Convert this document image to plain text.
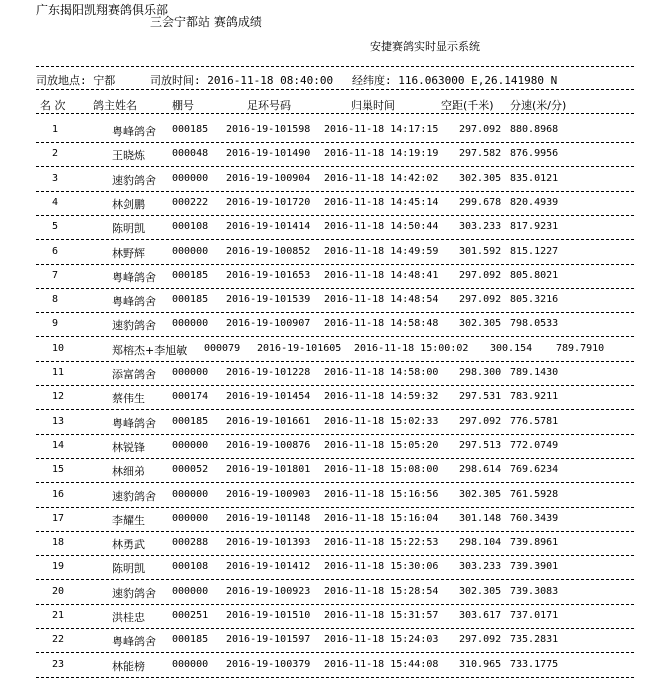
广东揭阳凯翔赛鸽俱乐部
三会宁都站 赛鸽成绩
安捷赛鸽实时显示系统
司放地点: 宁都	司放时间: 2016-11-18 08:40:00 经纬度: 116.063000 E,26.141980 N
名 次	鸽主姓名	棚号	足环号码	归巢时间	空距(千米) 分速(米/分)
1	粤峰鸽舍 000185 2016-19-101598 2016-11-18 14:17:15 297.092 880.8968
2	王晓炼	000048 2016-19-101490 2016-11-18 14:19:19 297.582 876.9956
3	速豹鸽舍 000000 2016-19-100904 2016-11-18 14:42:02 302.305 835.0121
4	林剑鹏	000222 2016-19-101720 2016-11-18 14:45:14 299.678 820.4939
5	陈明凯	000108 2016-19-101414 2016-11-18 14:50:44 303.233 817.9231
6	林野辉	000000 2016-19-100852 2016-11-18 14:49:59 301.592 815.1227
7	粤峰鸽舍 000185 2016-19-101653 2016-11-18 14:48:41 297.092 805.8021
8	粤峰鸽舍 000185 2016-19-101539 2016-11-18 14:48:54 297.092 805.3216
9	速豹鸽舍 000000 2016-19-100907 2016-11-18 14:58:48 302.305 798.0533
10	郑榕杰+李旭敏 000079 2016-19-101605 2016-11-18 15:00:02 300.154 789.7910
11	添富鸽舍 000000 2016-19-101228 2016-11-18 14:58:00 298.300 789.1430
12	蔡伟生	000174 2016-19-101454 2016-11-18 14:59:32 297.531 783.9211
13	粤峰鸽舍 000185 2016-19-101661 2016-11-18 15:02:33 297.092 776.5781
14	林锐锋	000000 2016-19-100876 2016-11-18 15:05:20 297.513 772.0749
15	林细弟	000052 2016-19-101801 2016-11-18 15:08:00 298.614 769.6234
16	速豹鸽舍 000000 2016-19-100903 2016-11-18 15:16:56 302.305 761.5928
17	李耀生	000000 2016-19-101148 2016-11-18 15:16:04 301.148 760.3439
18	林勇武	000288 2016-19-101393 2016-11-18 15:22:53 298.104 739.8961
19	陈明凯	000108 2016-19-101412 2016-11-18 15:30:06 303.233 739.3901
20	速豹鸽舍 000000 2016-19-100923 2016-11-18 15:28:54 302.305 739.3083
21	洪桂忠	000251 2016-19-101510 2016-11-18 15:31:57 303.617 737.0171
22	粤峰鸽舍 000185 2016-19-101597 2016-11-18 15:24:03 297.092 735.2831
23	林能榜	000000 2016-19-100379 2016-11-18 15:44:08 310.965 733.1775
